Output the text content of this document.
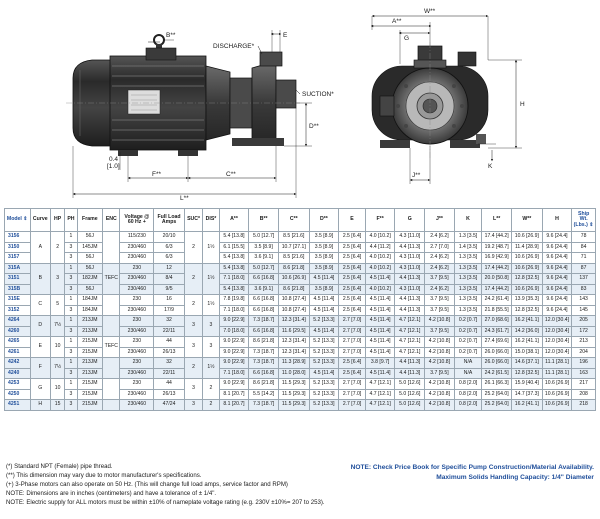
B**
DISCHARGE*
E
SUCTION*
D**
0.4
[1.0]
F**	C**
L**
W**
A**
G
H
K
J**
Model ⇕	Curve	HP	PH	Frame	ENC	Voltage @ 60 Hz +	Full Load Amps	SUC*	DIS*	A**	B**	C**	D**	E	F**	G	J**	K	L**	W**	H	Ship Wt. (Lbs.) ⇕
3156	A	2	1	56J		115/230	20/10	2	1½	5.4 [13.8]	5.0 [12.7]	8.5 [21.6]	3.5 [8.9]	2.5 [6.4]	4.0 [10.2]	4.3 [11.0]	2.4 [6.2]	1.3 [3.5]	17.4 [44.2]	10.6 [26.9]	9.6 [24.4]	78
3150			3	145JM		230/460	6/3			6.1 [15.5]	3.5 [8.9]	10.7 [27.1]	3.5 [8.9]	2.5 [6.4]	4.4 [11.2]	4.4 [11.3]	2.7 [7.0]	1.4 [3.5]	19.2 [48.7]	11.4 [28.9]	9.6 [24.4]	84
3157			3	56J		230/460	6/3			5.4 [13.8]	3.6 [9.1]	8.5 [21.6]	3.5 [8.9]	2.5 [6.4]	4.0 [10.2]	4.3 [11.0]	2.4 [6.2]	1.3 [3.5]	16.9 [42.9]	10.6 [26.9]	9.6 [24.4]	71
315A	B	3	1	56J	TEFC	230	12	2	1½	5.4 [13.8]	5.0 [12.7]	8.6 [21.8]	3.5 [8.9]	2.5 [6.4]	4.0 [10.2]	4.3 [11.0]	2.4 [6.2]	1.3 [3.5]	17.4 [44.2]	10.6 [26.9]	9.6 [24.4]	87
3151			3	182JM		230/460	8/4			7.1 [18.0]	6.6 [16.8]	10.6 [26.9]	4.5 [11.4]	2.5 [6.4]	4.5 [11.4]	4.4 [11.3]	3.7 [9.5]	1.3 [3.5]	20.0 [50.8]	12.8 [32.5]	9.6 [24.4]	137
315B			3	56J		230/460	9/5			5.4 [13.8]	3.6 [9.1]	8.6 [21.8]	3.5 [8.9]	2.5 [6.4]	4.0 [10.2]	4.3 [11.0]	2.4 [6.2]	1.3 [3.5]	17.4 [44.2]	10.6 [26.9]	9.6 [24.4]	83
315E	C	5	1	184JM		230	16	2	1½	7.8 [19.8]	6.6 [16.8]	10.8 [27.4]	4.5 [11.4]	2.5 [6.4]	4.5 [11.4]	4.4 [11.3]	3.7 [9.5]	1.3 [3.5]	24.2 [61.4]	13.9 [35.3]	9.6 [24.4]	143
3152			3	184JM		230/460	17/9			7.1 [18.0]	6.6 [16.8]	10.8 [27.4]	4.5 [11.4]	2.5 [6.4]	4.5 [11.4]	4.4 [11.3]	3.7 [9.5]	1.3 [3.5]	21.8 [55.5]	12.8 [32.5]	9.6 [24.4]	145
4264	D	7½	1	213JM		230	32	3	3	9.0 [22.9]	7.3 [18.7]	12.3 [31.4]	5.2 [13.3]	2.7 [7.0]	4.5 [11.4]	4.7 [12.1]	4.2 [10.8]	0.2 [0.7]	27.0 [68.6]	16.2 [41.1]	12.0 [30.4]	205
4260			3	213JM		230/460	22/11			7.0 [18.0]	6.6 [16.8]	11.6 [29.5]	4.5 [11.4]	2.7 [7.0]	4.5 [11.4]	4.7 [12.1]	3.7 [9.5]	0.2 [0.7]	24.3 [61.7]	14.2 [36.0]	12.0 [30.4]	172
4265	E	10	1	215JM	TEFC	230	44	3	3	9.0 [22.9]	8.6 [21.8]	12.3 [31.4]	5.2 [13.3]	2.7 [7.0]	4.5 [11.4]	4.7 [12.1]	4.2 [10.8]	0.2 [0.7]	27.4 [69.6]	16.2 [41.1]	12.0 [30.4]	213
4261			3	215JM		230/460	26/13			9.0 [22.9]	7.3 [18.7]	12.3 [31.4]	5.2 [13.3]	2.7 [7.0]	4.5 [11.4]	4.7 [12.1]	4.2 [10.8]	0.2 [0.7]	26.0 [66.0]	15.0 [38.1]	12.0 [30.4]	204
4242	F	7½	1	213JM		230	32	2	1½	9.0 [22.9]	7.3 [18.7]	11.3 [28.9]	5.2 [13.3]	2.5 [6.4]	3.8 [9.7]	4.4 [11.3]	4.2 [10.8]	N/A	26.0 [66.0]	14.6 [37.1]	11.1 [28.1]	196
4240			3	213JM		230/460	22/11			7.1 [18.0]	6.6 [16.8]	11.0 [28.0]	4.5 [11.4]	2.5 [6.4]	4.5 [11.4]	4.4 [11.3]	3.7 [9.5]	N/A	24.2 [61.5]	12.8 [32.5]	11.1 [28.1]	163
4253	G	10	1	215JM		230	44	3	2	9.0 [22.9]	8.6 [21.8]	11.5 [29.3]	5.2 [13.3]	2.7 [7.0]	4.7 [12.1]	5.0 [12.6]	4.2 [10.8]	0.8 [2.0]	26.1 [66.3]	15.9 [40.4]	10.6 [26.9]	217
4250			3	215JM		230/460	26/13			8.1 [20.7]	5.5 [14.2]	11.5 [29.3]	5.2 [13.3]	2.7 [7.0]	4.7 [12.1]	5.0 [12.6]	4.2 [10.8]	0.8 [2.0]	25.2 [64.0]	14.7 [37.3]	10.6 [26.9]	208
4251	H	15	3	215JM		230/460	47/24	3	2	8.1 [20.7]	7.3 [18.7]	11.5 [29.3]	5.2 [13.3]	2.7 [7.0]	4.7 [12.1]	5.0 [12.6]	4.2 [10.8]	0.8 [2.0]	25.2 [64.0]	16.2 [41.1]	10.6 [26.9]	218
(*) Standard NPT (Female) pipe thread.
(**) This dimension may vary due to motor manufacturer's specifications.
(+) 3-Phase motors can also operate on 50 Hz. (This will change full load amps, service factor and RPM)
NOTE: Dimensions are in inches (centimeters) and have a tolerance of ± 1/4".
NOTE: Electric supply for ALL motors must be within ±10% of nameplate voltage rating (e.g. 230V ±10%= 207 to 253).
NOTE: Check Price Book for Specific Pump Construction/Material Availability.
Maximum Solids Handling Capacity: 1/4" Diameter
